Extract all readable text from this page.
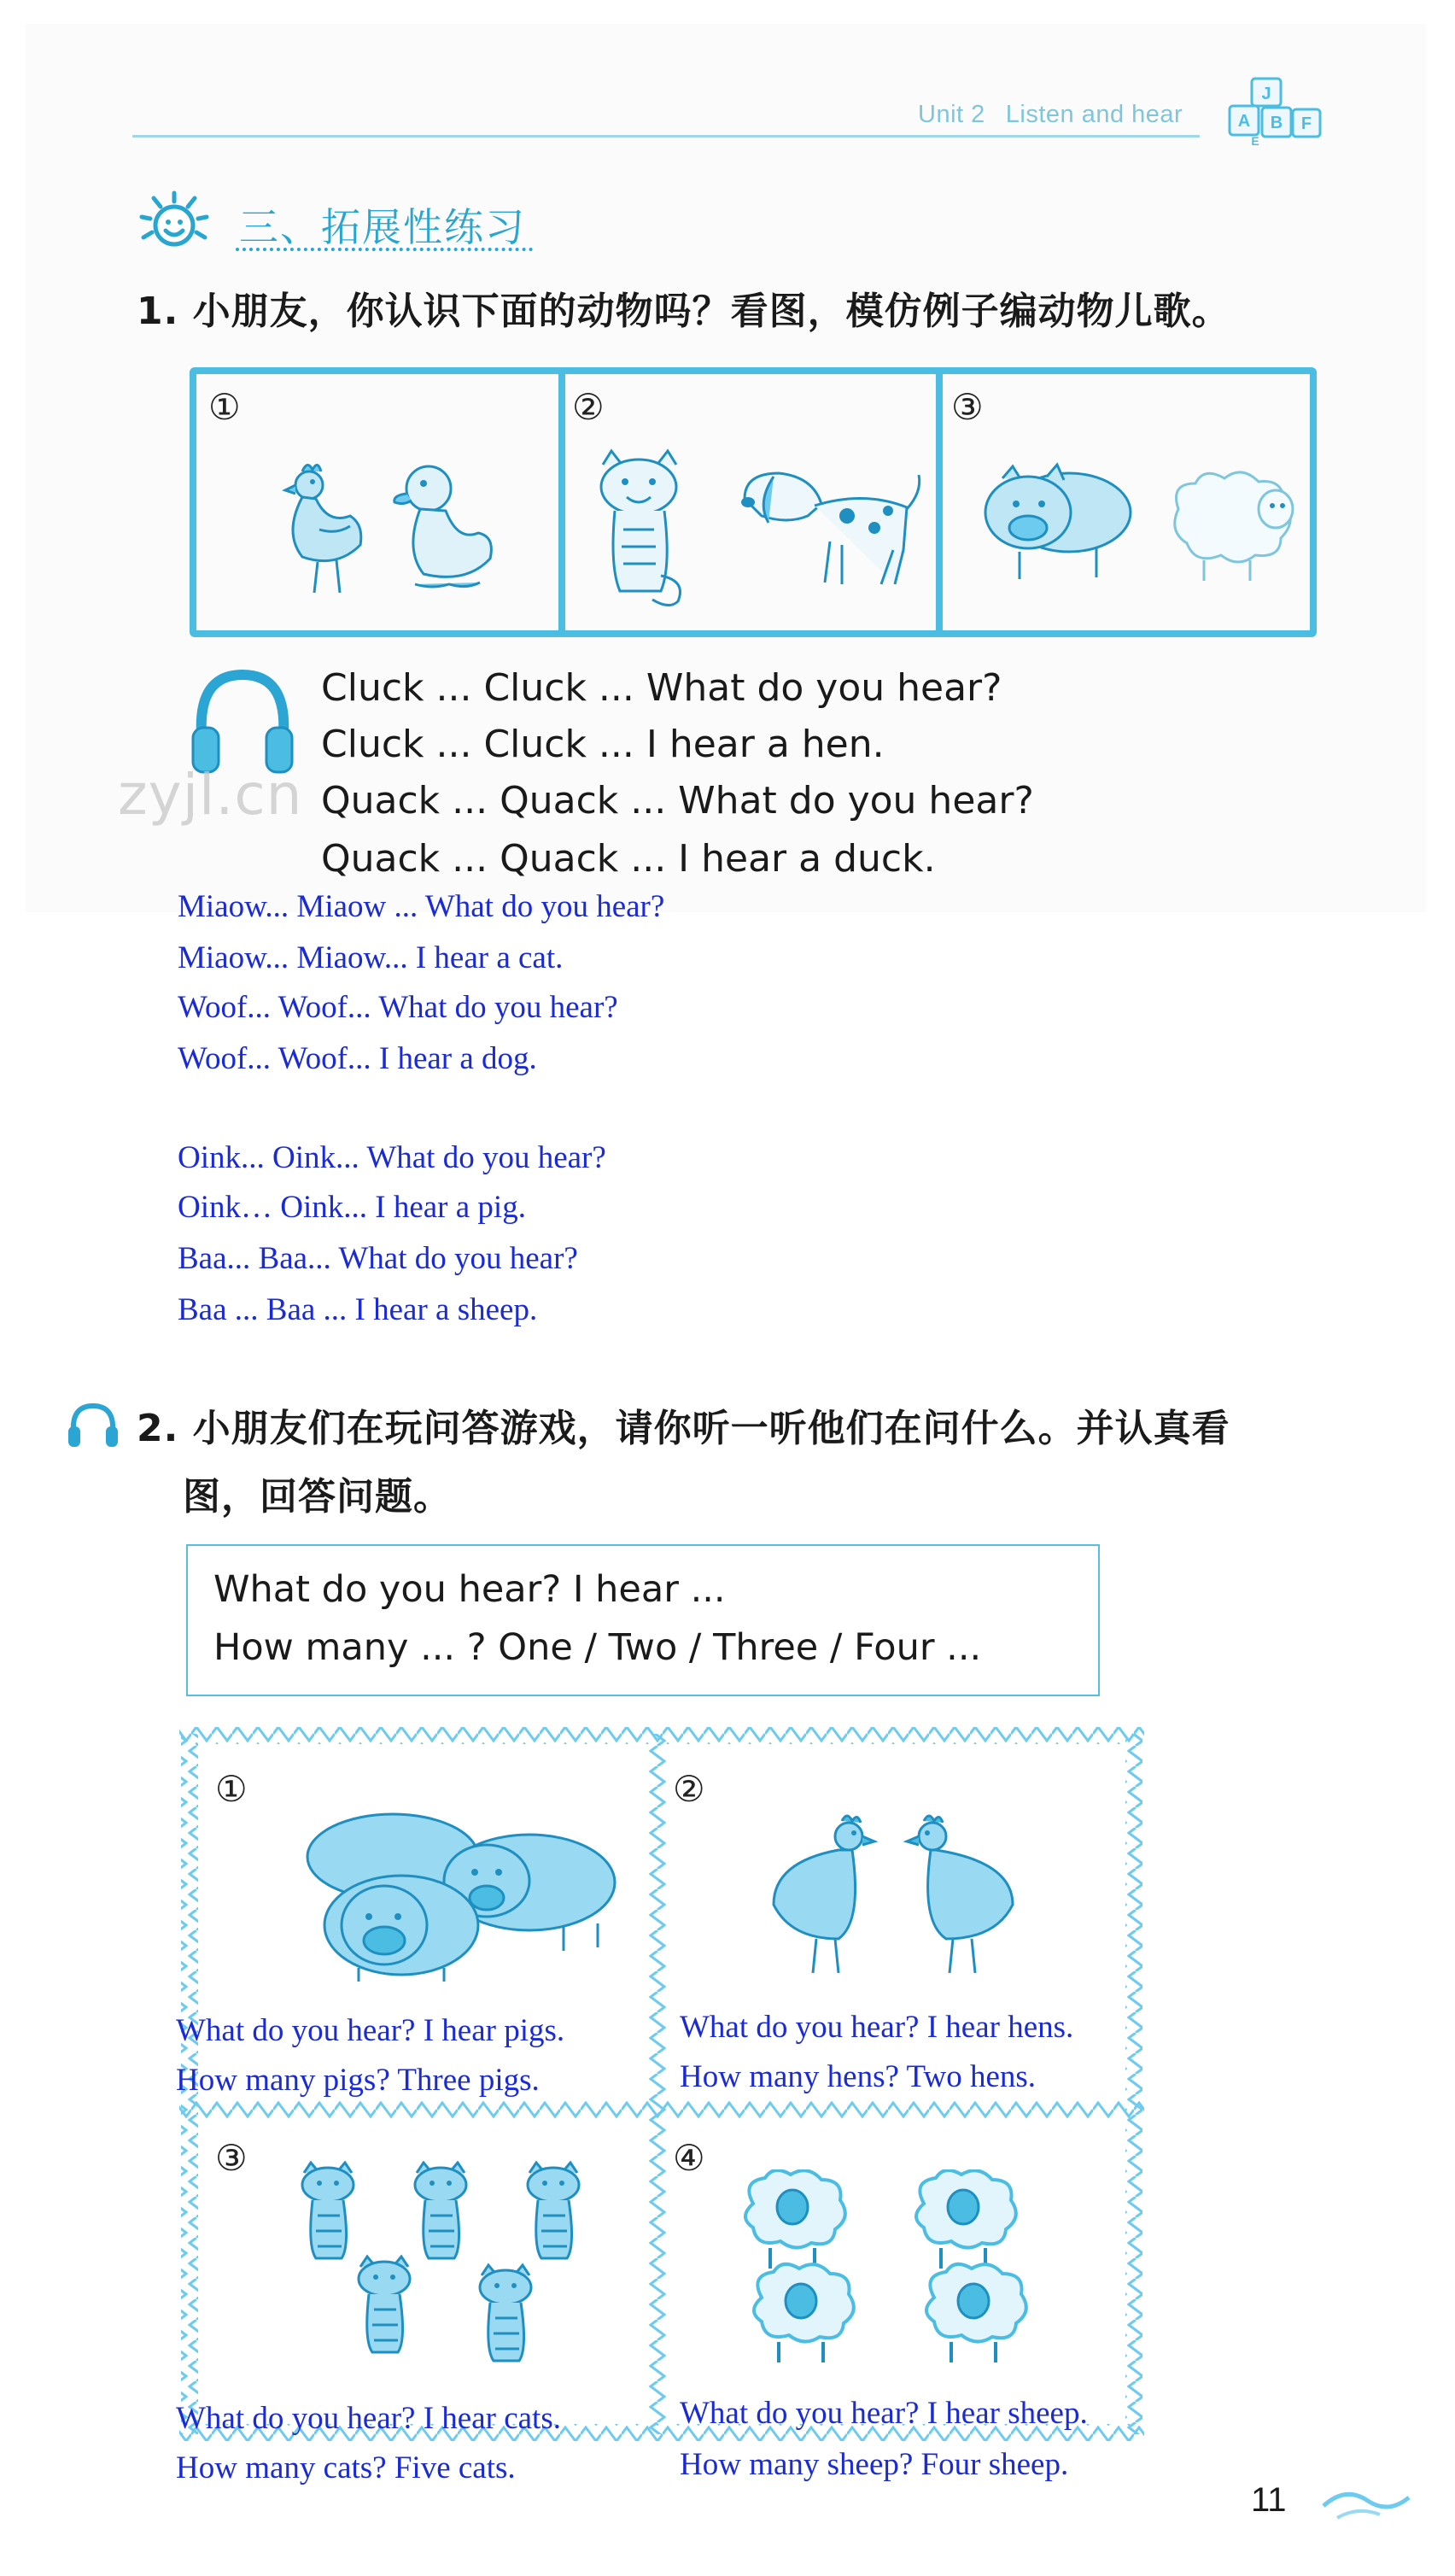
Unit 2 Listen and hear
J
A B
E
F
三、拓展性练习
1. 小朋友，你认识下面的动物吗？看图，模仿例子编动物儿歌。
①	②	③
Cluck ... Cluck ... What do you hear?
Cluck ... Cluck ... I hear a hen.
Quack ... Quack ... What do you hear?
Quack ... Quack ... I hear a duck.
zyjl.cn
Miaow... Miaow ... What do you hear?
Miaow... Miaow... I hear a cat.
Woof... Woof... What do you hear?
Woof... Woof... I hear a dog.
Oink... Oink... What do you hear?
Oink… Oink... I hear a pig.
Baa... Baa... What do you hear?
Baa ... Baa ... I hear a sheep.
2. 小朋友们在玩问答游戏，请你听一听他们在问什么。并认真看
图，回答问题。
What do you hear? I hear ...
How many ... ? One / Two / Three / Four ...
①	②
③	④
What do you hear? I hear pigs.
How many pigs? Three pigs.
What do you hear? I hear hens.
How many hens? Two hens.
What do you hear? I hear cats.
How many cats? Five cats.
What do you hear? I hear sheep.
How many sheep? Four sheep.
11
